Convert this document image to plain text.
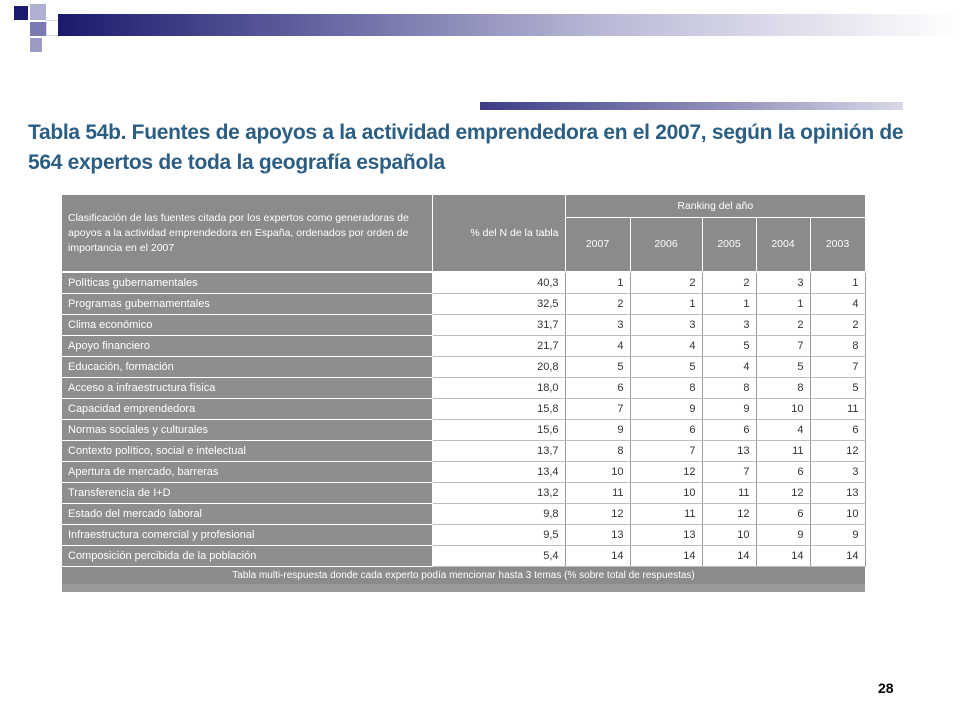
Tabla 54b. Fuentes de apoyos a la actividad emprendedora en el 2007, según la opinión de 564 expertos de toda la geografía española
Clasificación de las fuentes citada por los expertos como generadoras de apoyos a la actividad emprendedora en España, ordenados por orden de importancia en el 2007	% del N de la tabla	Ranking del año				
		2007	2006	2005	2004	2003
Políticas gubernamentales	40,3	1	2	2	3	1
Programas gubernamentales	32,5	2	1	1	1	4
Clima económico	31,7	3	3	3	2	2
Apoyo financiero	21,7	4	4	5	7	8
Educación, formación	20,8	5	5	4	5	7
Acceso a infraestructura física	18,0	6	8	8	8	5
Capacidad emprendedora	15,8	7	9	9	10	11
Normas sociales y culturales	15,6	9	6	6	4	6
Contexto político, social e intelectual	13,7	8	7	13	11	12
Apertura de mercado, barreras	13,4	10	12	7	6	3
Transferencia de I+D	13,2	11	10	11	12	13
Estado del mercado laboral	9,8	12	11	12	6	10
Infraestructura comercial y profesional	9,5	13	13	10	9	9
Composición percibida de la población	5,4	14	14	14	14	14
Tabla multi-respuesta donde cada experto podía mencionar hasta 3 temas (% sobre total de respuestas)						
28
